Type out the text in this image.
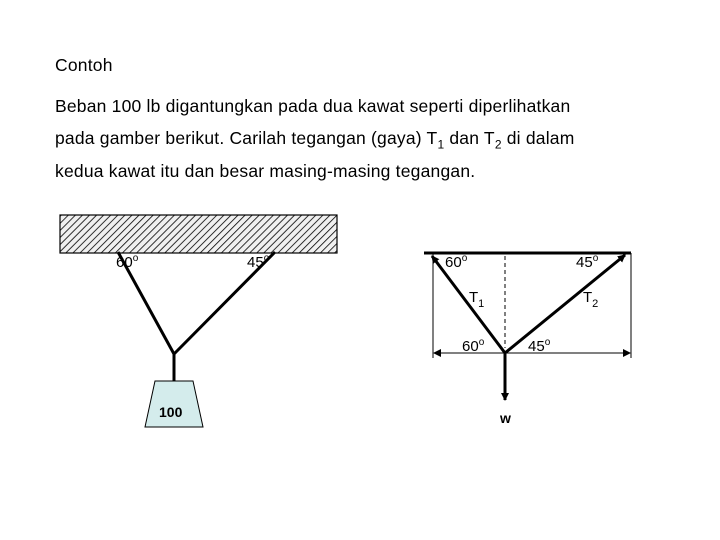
Contoh
Beban 100 lb digantungkan pada dua kawat seperti diperlihatkan
pada gamber berikut. Carilah tegangan (gaya) $T_1$ dan $T_2$ di dalam
kedua kawat itu dan besar masing-masing tegangan.
60$^o$	45$^o$
100
60$^o$	45$^o$
$T_1$	$T_2$
60$^o$	45$^o$
w
